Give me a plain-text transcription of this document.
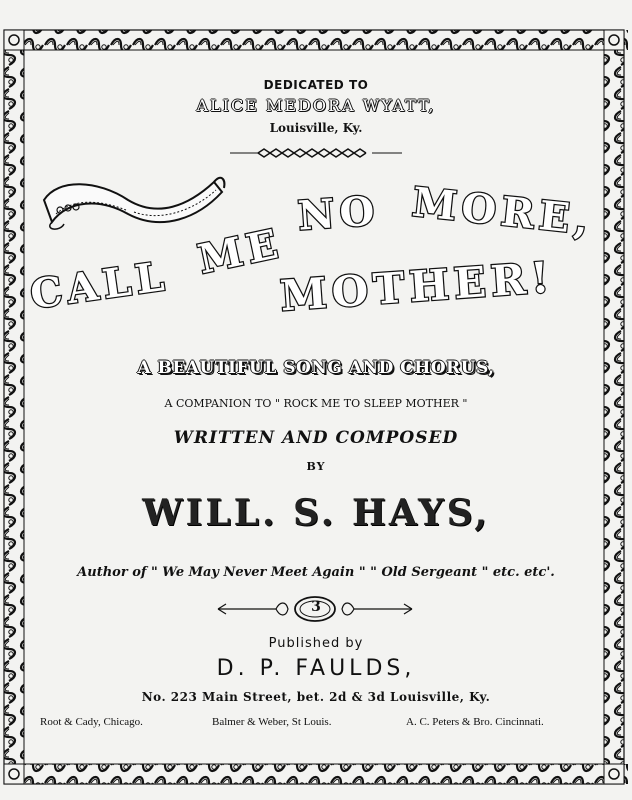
DEDICATED TO
ALICE MEDORA WYATT,
Louisville, Ky.
CALL
ME
NO MORE,
MOTHER!
A BEAUTIFUL SONG AND CHORUS,
A COMPANION TO " ROCK ME TO SLEEP MOTHER "
WRITTEN AND COMPOSED
BY
WILL. S. HAYS,
Author of " We May Never Meet Again " " Old Sergeant " etc. etc'.
3
Published by
D. P. FAULDS,
No. 223 Main Street, bet. 2d & 3d Louisville, Ky.
Root & Cady, Chicago.	Balmer & Weber, St Louis.	A. C. Peters & Bro. Cincinnati.
